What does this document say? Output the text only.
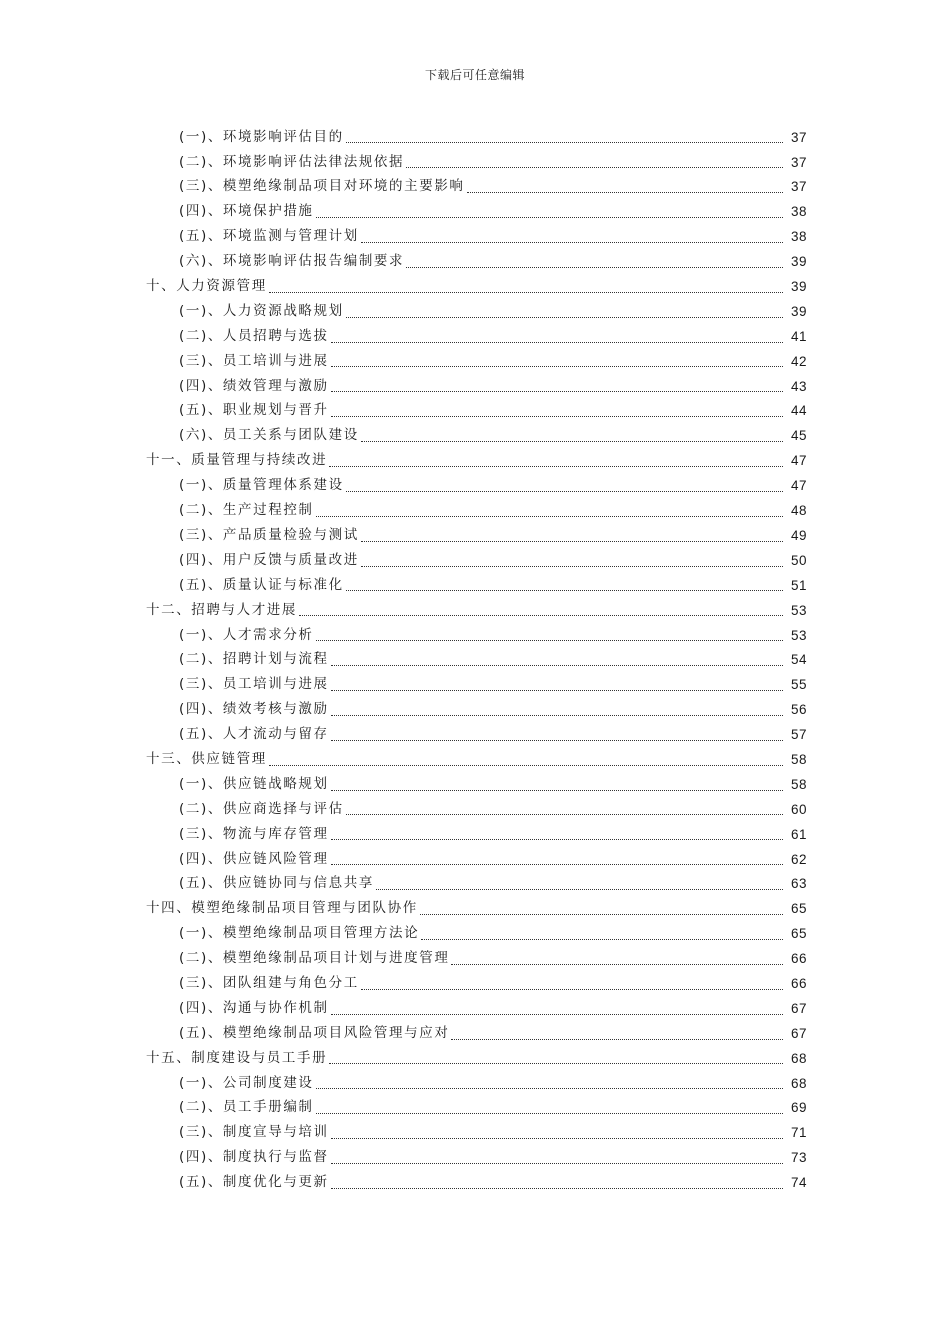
下载后可任意编辑
(一)、环境影响评估目的	37
(二)、环境影响评估法律法规依据	37
(三)、模塑绝缘制品项目对环境的主要影响	37
(四)、环境保护措施	38
(五)、环境监测与管理计划	38
(六)、环境影响评估报告编制要求	39
十、人力资源管理	39
(一)、人力资源战略规划	39
(二)、人员招聘与选拔	41
(三)、员工培训与进展	42
(四)、绩效管理与激励	43
(五)、职业规划与晋升	44
(六)、员工关系与团队建设	45
十一、质量管理与持续改进	47
(一)、质量管理体系建设	47
(二)、生产过程控制	48
(三)、产品质量检验与测试	49
(四)、用户反馈与质量改进	50
(五)、质量认证与标准化	51
十二、招聘与人才进展	53
(一)、人才需求分析	53
(二)、招聘计划与流程	54
(三)、员工培训与进展	55
(四)、绩效考核与激励	56
(五)、人才流动与留存	57
十三、供应链管理	58
(一)、供应链战略规划	58
(二)、供应商选择与评估	60
(三)、物流与库存管理	61
(四)、供应链风险管理	62
(五)、供应链协同与信息共享	63
十四、模塑绝缘制品项目管理与团队协作	65
(一)、模塑绝缘制品项目管理方法论	65
(二)、模塑绝缘制品项目计划与进度管理	66
(三)、团队组建与角色分工	66
(四)、沟通与协作机制	67
(五)、模塑绝缘制品项目风险管理与应对	67
十五、制度建设与员工手册	68
(一)、公司制度建设	68
(二)、员工手册编制	69
(三)、制度宣导与培训	71
(四)、制度执行与监督	73
(五)、制度优化与更新	74
